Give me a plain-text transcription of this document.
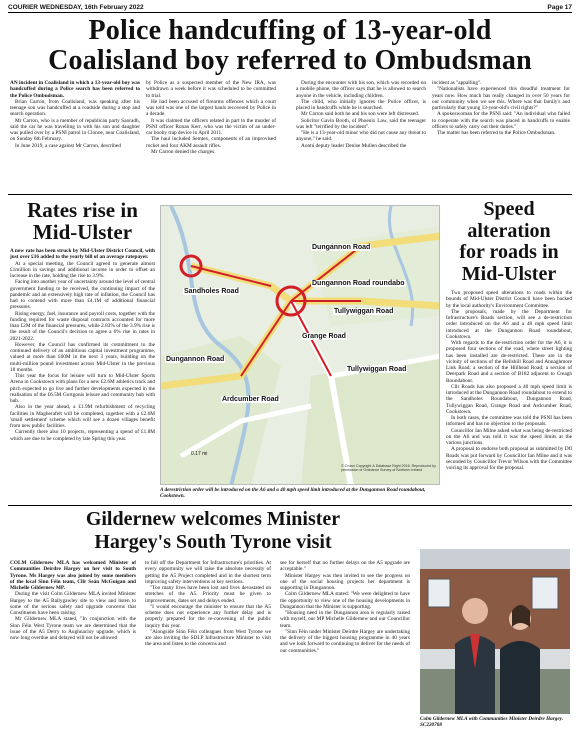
COURIER WEDNESDAY, 16th February 2022	Page 17
Police handcuffing of 13-year-old
Coalisland boy referred to Ombudsman

AN incident in Coalisland in which a 13-year-old boy was handcuffed during a Police search has been referred to the Police Ombudsman.

Brian Carron, from Coalisland, was speaking after his teenage son was handcuffed at a roadside during a stop and search operation.

Mr Carron, who is a member of republican party Saoradh, said the car he was travelling in with his son and daughter was pulled over by a PSNI patrol in Clonoe, near Coalisland, on Sunday 6th February.

In June 2019, a case against Mr Carron, described

by Police as a suspected member of the New IRA, was withdrawn a week before it was scheduled to be committed to trial.

He had been accused of firearms offences which a court was told was one of the largest hauls recovered by Police in a decade.

It was claimed the officers related in part to the murder of PSNI officer Ronan Kerr, who was the victim of an under-car booby trap device in April 2011.

The haul included Semtex, components of an improvised rocket and four AKM assault rifles.

Mr Carron denied the charges.

During the encounter with his son, which was recorded on a mobile phone, the officer says that he is allowed to search anyone in the vehicle, including children.

The child, who initially ignores the Police officer, is placed in handcuffs while he is searched.

Mr Carron said both he and his son were left distressed.

Solicitor Gavin Booth, of Phoenix Law, said the teenager was left "terrified by the incident".

"He is a 13-year-old minor who did not cause any threat to anyone," he said.

Aontú deputy leader Denise Mullen described the

incident as "appalling".

"Nationalists have experienced this dreadful treatment for years now. How much has really changed in over 50 years for our community when we see this. Where was that family's and particularly that young 13-year-old's civil rights?"

A spokeswoman for the PSNI said: "An individual who failed to cooperate with the search was placed in handcuffs to enable officers to safely carry out their duties."

The matter has been referred to the Police Ombudsman.

Rates rise in
Mid-Ulster

A new rate has been struck by Mid-Ulster District Council, with just over £16 added to the yearly bill of an average ratepayer.

At a special meeting, the Council agreed to generate almost £1million in savings and additional income in order to offset an increase in the rate, holding the rise to 3.9%.

Facing into another year of uncertainty around the level of central government funding to be received, the continuing impact of the pandemic and an extensively high rate of inflation, the Council has had to contend with more than £4.1M of additional financial pressures.

Rising energy, fuel, insurance and payroll costs, together with the funding required for waste disposal contracts accounted for more than £2M of the financial pressures, while 2.83% of the 3.9% rise is the result of the Council's decision to agree a 6% rise in rates in 2021-2022.

However, the Council has confirmed its commitment to the continued delivery of an ambitious capital investment programme, valued at more than £60M in the next 3 years, building on the multi-million pound investment across Mid-Ulster in the previous 18 months.

This year the focus for leisure will turn to Mid-Ulster Sports Arena in Cookstown with plans for a new £2.6M athletics track and pitch expected to go live and further developments expected in the realisation of the £6.5M Gortgonis leisure and community hub with hub.

Also in the year ahead, a £1.9M refurbishment of recycling facilities in Magherafelt will be completed, together with a £2.6M 'small settlement' scheme which will see a dozen villages benefit from new public facilities.

Currently there also 10 projects, representing a spend of £1.8M which are due to be completed by late Spring this year.

Dungannon Road
Sandholes Road
Dungannon Road roundabo
Tullywiggan Road
Grange Road
Dungannon Road
Tullywiggan Road
Ardcumber Road
0.17 mi
© Crown Copyright & Database Right 2016. Reproduced by permission of Ordnance Survey of Northern Ireland
A derestriction order will be introduced on the A6 and a 40 mph speed limit introduced at the Dungannon Road roundabout, Cookstown.
Speed
alteration
for roads in
Mid-Ulster

Two proposed speed alterations to roads within the bounds of Mid-Ulster District Council have been backed by the local authority's Environment Committee.

The proposals, made by the Department for Infrastructure's Roads section, will see a de-restriction order introduced on the A6 and a 40 mph speed limit introduced at the Dungannon Road roundabout, Cookstown.

With regards to the de-restriction order for the A6, it is proposed four sections of the road, where street lighting has been installed are de-restricted. These are in the vicinity of sections of the Bellshill Road and Annaghmore Link Road; a section of the Hillhead Road; a section of Deerpark Road and a section of B182 adjacent to Creagh Roundabout.

Cllr Roads has also proposed a 40 mph speed limit is introduced at the Dungannon Road roundabout to extend to the Sandholes Roundabout, Dungannon Road, Tullywiggan Road, Grange Road and Ardcumber Road, Cookstown.

In both cases, the committee was told the PSNI has been informed and has no objection to the proposals.

Councillor Ian Milne asked what was being de-restricted on the A6 and was told it was the speed limits at the various junctions.

A proposal to endorse both proposal as submitted by Dfl Roads was put forward by Councillor Ian Milne and it was seconded by Councillor Trevor Wilson with the Committee voicing its approval for the proposal.

Gildernew welcomes Minister
Hargey's South Tyrone visit

COLM Gildernew MLA has welcomed Minister of Communities Deirdre Hargey on her visit to South Tyrone. Ms Hargey was also joined by some members of the local Sinn Féin team, Cllr Seán McGuigan and Michelle Gildernew MP.

During the visit Colm Gildernew MLA invited Minister Hargey to the A5 Ballygawley site to view and listen to some of the serious safety and upgrade concerns that Constituents have been raising.

Mr Gildernew MLA stated, "In conjunction with the Sinn Féin West Tyrone team we are determined that the issue of the A5 Derry to Aughnacloy upgrade, which is now long overdue and delayed will not be allowed

to fall off the Department for Infrastructure's priorities. At every opportunity we will raise the absolute necessity of getting the A5 Project completed and in the shortest term improving safety interventions at key sections.

"Too many lives have been lost and lives devastated on stretches of the A5. Priority must be given to improvements, dates set and delays ended.

"I would encourage the minister to ensure that the A5 scheme does not experience any further delay and is properly prepared for the re-convening of the public inquiry this year.

"Alongside Sinn Féin colleagues from West Tyrone we are also inviting the SDLP Infrastructure Minister to visit the area and listen to the concerns and

see for herself that no further delays on the A5 upgrade are acceptable."

Minister Hargey was then invited to see the progress on one of the social housing projects her department is supporting in Dungannon.

Colm Gildernew MLA stated: "We were delighted to have the opportunity to view one of the housing developments in Dungannon that the Minister is supporting.

"Housing need in the Dungannon area is regularly raised with myself, our MP Michelle Gildernew and our Councillor team.

"Sinn Féin under Minister Deirdre Hargey are undertaking the delivery of the biggest housing programme in 40 years and we look forward to continuing to deliver for the needs of our communities."

Colm Gildernew MLA with Communities Minister Deirdre Hargey. SC220708
